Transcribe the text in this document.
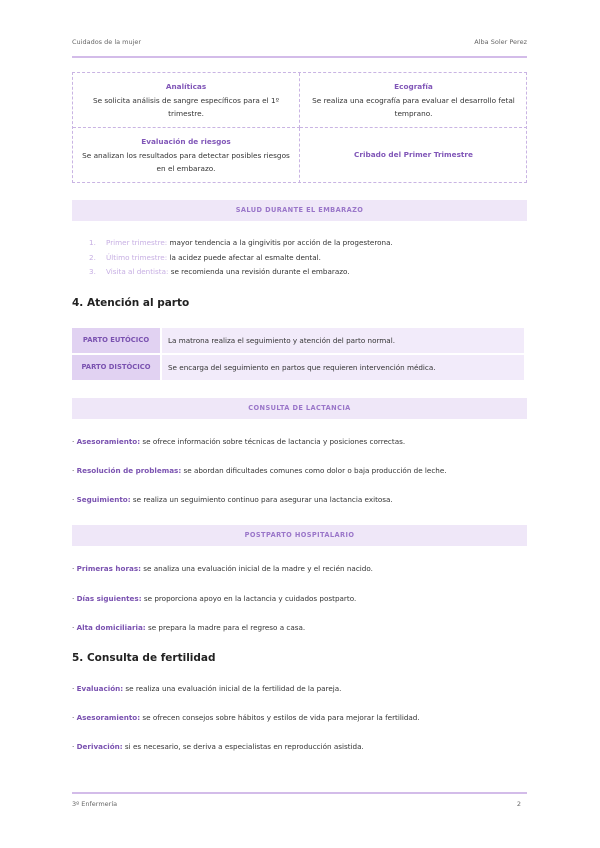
Cuidados de la mujer	Alba Soler Perez
Analíticas
Se solicita análisis de sangre específicos para el 1º trimestre.
Ecografía
Se realiza una ecografía para evaluar el desarrollo fetal temprano.
Evaluación de riesgos
Se analizan los resultados para detectar posibles riesgos en el embarazo.
Cribado del Primer Trimestre
SALUD DURANTE EL EMBARAZO
1. Primer trimestre: mayor tendencia a la gingivitis por acción de la progesterona.
2. Último trimestre: la acidez puede afectar al esmalte dental.
3. Visita al dentista: se recomienda una revisión durante el embarazo.
4. Atención al parto
PARTO EUTÓCICO	La matrona realiza el seguimiento y atención del parto normal.
PARTO DISTÓCICO	Se encarga del seguimiento en partos que requieren intervención médica.
CONSULTA DE LACTANCIA
· Asesoramiento: se ofrece información sobre técnicas de lactancia y posiciones correctas.
· Resolución de problemas: se abordan dificultades comunes como dolor o baja producción de leche.
· Seguimiento: se realiza un seguimiento continuo para asegurar una lactancia exitosa.
POSTPARTO HOSPITALARIO
· Primeras horas: se analiza una evaluación inicial de la madre y el recién nacido.
· Días siguientes: se proporciona apoyo en la lactancia y cuidados postparto.
· Alta domiciliaria: se prepara la madre para el regreso a casa.
5. Consulta de fertilidad
· Evaluación: se realiza una evaluación inicial de la fertilidad de la pareja.
· Asesoramiento: se ofrecen consejos sobre hábitos y estilos de vida para mejorar la fertilidad.
· Derivación: si es necesario, se deriva a especialistas en reproducción asistida.
3º Enfermería	2
